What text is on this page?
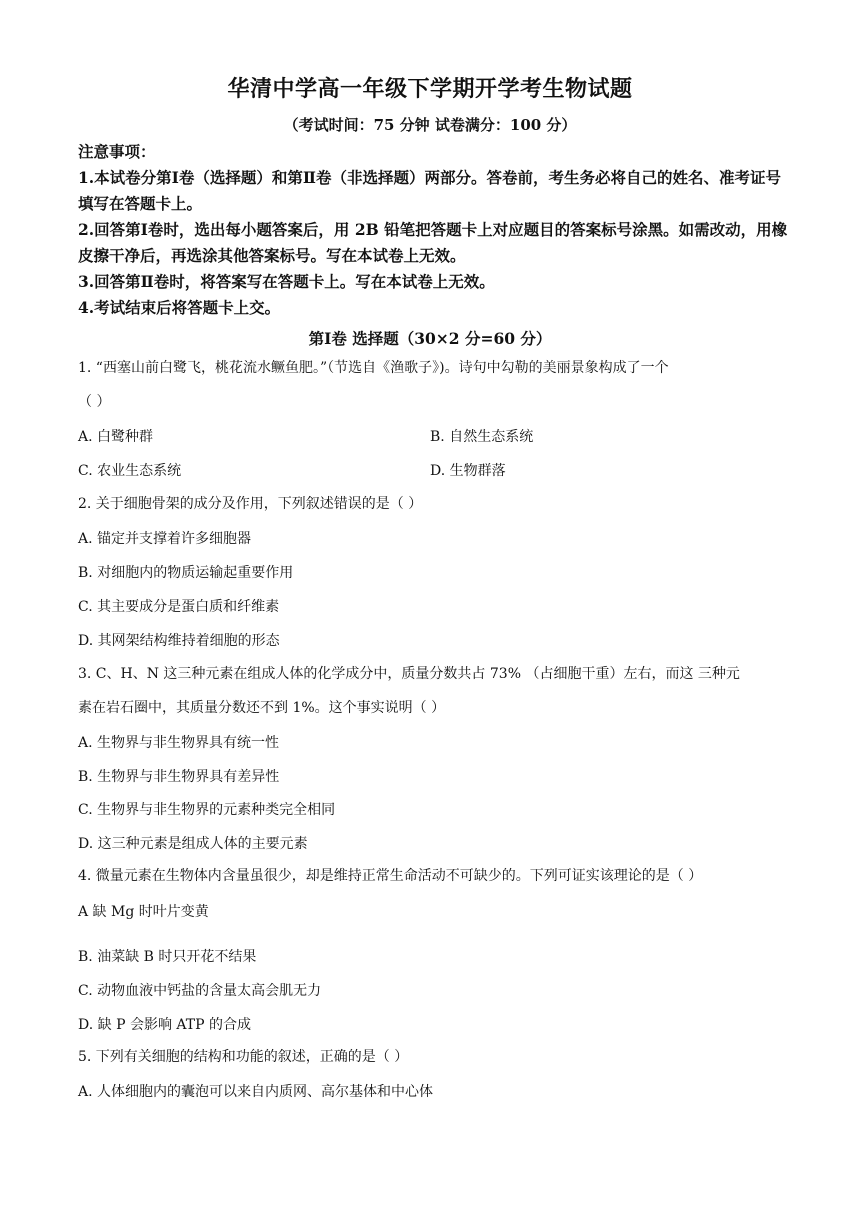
华清中学高一年级下学期开学考生物试题
（考试时间：75 分钟 试卷满分：100 分）
注意事项：
1.本试卷分第Ⅰ卷（选择题）和第Ⅱ卷（非选择题）两部分。答卷前，考生务必将自己的姓名、准考证号填写在答题卡上。
2.回答第Ⅰ卷时，选出每小题答案后，用 2B 铅笔把答题卡上对应题目的答案标号涂黑。如需改动，用橡皮擦干净后，再选涂其他答案标号。写在本试卷上无效。
3.回答第Ⅱ卷时，将答案写在答题卡上。写在本试卷上无效。
4.考试结束后将答题卡上交。
第Ⅰ卷 选择题（30×2 分=60 分）
1. “西塞山前白鹭飞，桃花流水鳜鱼肥。”（节选自《渔歌子》)。诗句中勾勒的美丽景象构成了一个
（ ）
A. 白鹭种群	B. 自然生态系统
C. 农业生态系统	D. 生物群落
2. 关于细胞骨架的成分及作用，下列叙述错误的是（ ）
A. 锚定并支撑着许多细胞器
B. 对细胞内的物质运输起重要作用
C. 其主要成分是蛋白质和纤维素
D. 其网架结构维持着细胞的形态
3. C、H、N 这三种元素在组成人体的化学成分中，质量分数共占 73% （占细胞干重）左右，而这 三种元
素在岩石圈中，其质量分数还不到 1%。这个事实说明（ ）
A. 生物界与非生物界具有统一性
B. 生物界与非生物界具有差异性
C. 生物界与非生物界的元素种类完全相同
D. 这三种元素是组成人体的主要元素
4. 微量元素在生物体内含量虽很少，却是维持正常生命活动不可缺少的。下列可证实该理论的是（ ）
A 缺 Mg 时叶片变黄
B. 油菜缺 B 时只开花不结果
C. 动物血液中钙盐的含量太高会肌无力
D. 缺 P 会影响 ATP 的合成
5. 下列有关细胞的结构和功能的叙述，正确的是（ ）
A. 人体细胞内的囊泡可以来自内质网、高尔基体和中心体
